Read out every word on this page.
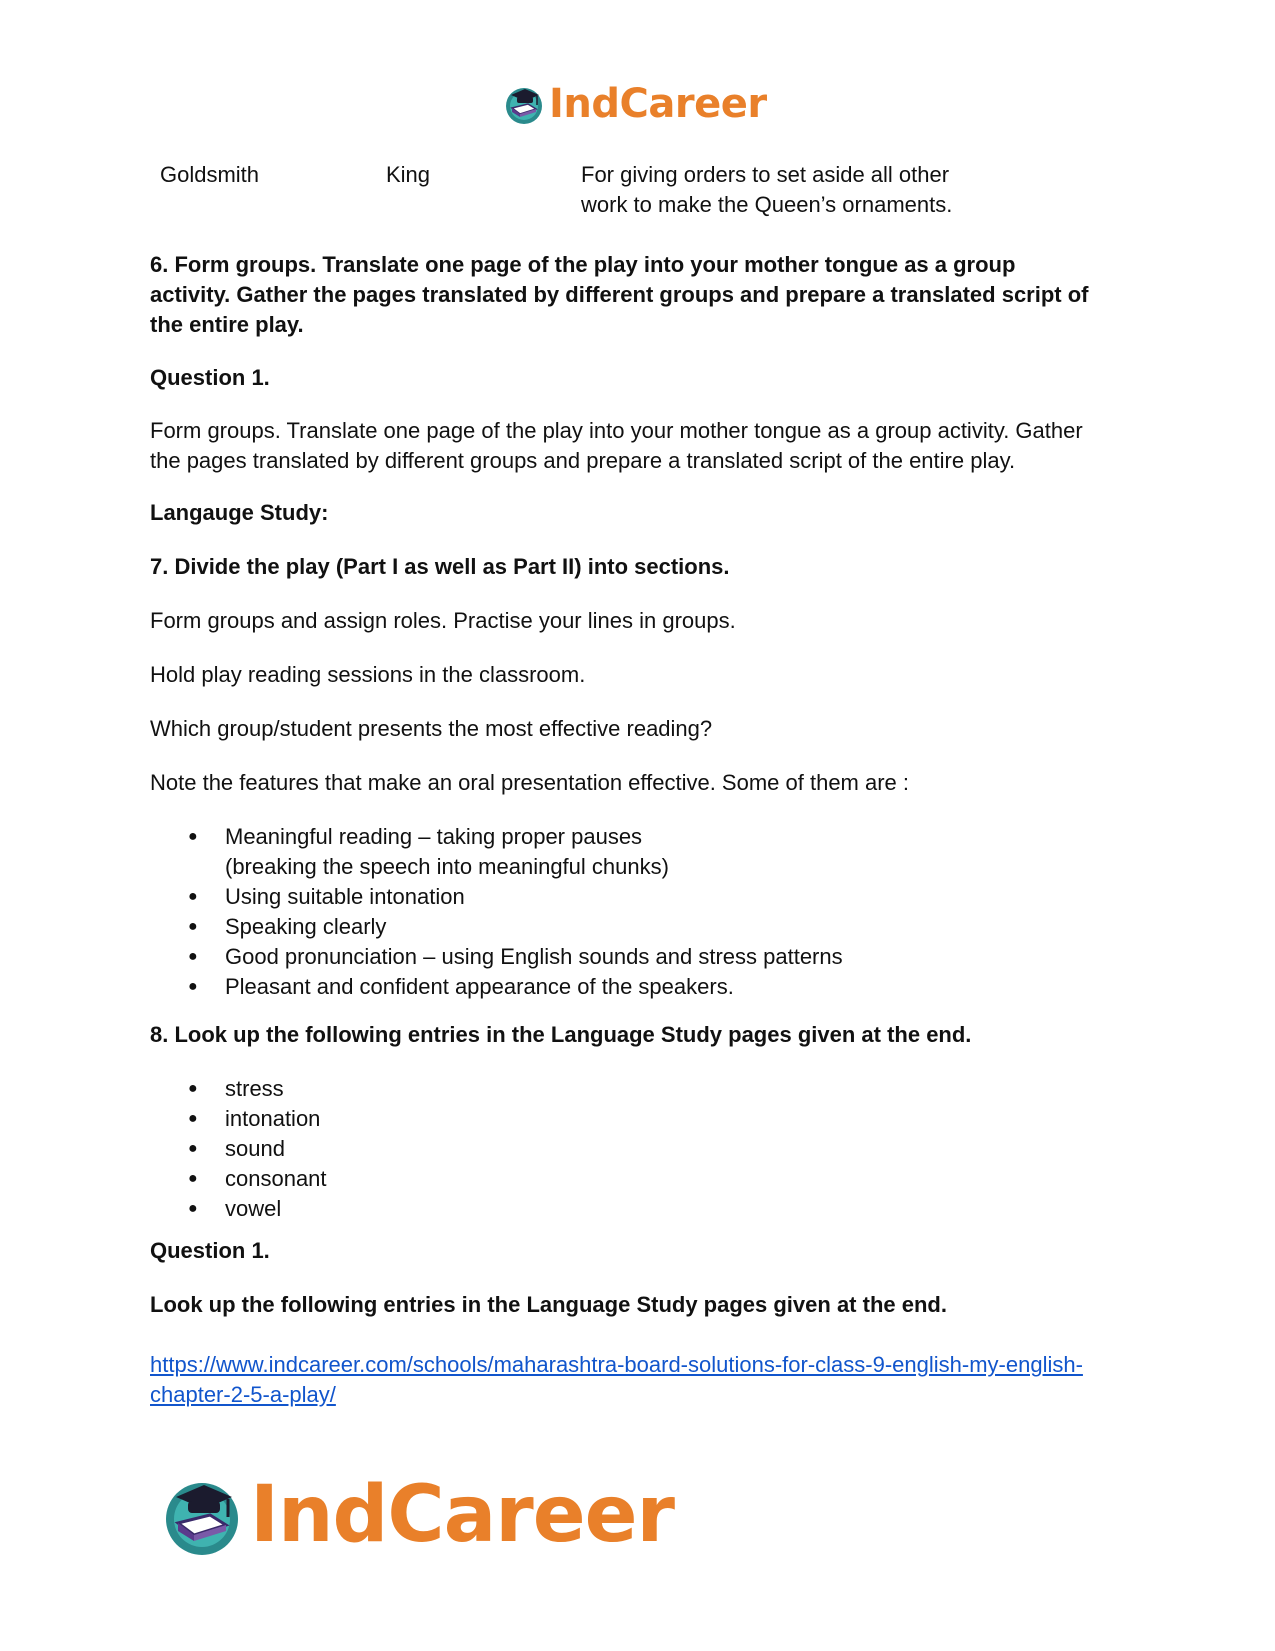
IndCareer
Goldsmith	King	For giving orders to set aside all other work to make the Queen’s ornaments.
6. Form groups. Translate one page of the play into your mother tongue as a group activity. Gather the pages translated by different groups and prepare a translated script of the entire play.
Question 1.
Form groups. Translate one page of the play into your mother tongue as a group activity. Gather the pages translated by different groups and prepare a translated script of the entire play.
Langauge Study:
7. Divide the play (Part I as well as Part II) into sections.
Form groups and assign roles. Practise your lines in groups.
Hold play reading sessions in the classroom.
Which group/student presents the most effective reading?
Note the features that make an oral presentation effective. Some of them are :
● Meaningful reading – taking proper pauses
(breaking the speech into meaningful chunks)
● Using suitable intonation
● Speaking clearly
● Good pronunciation – using English sounds and stress patterns
● Pleasant and confident appearance of the speakers.
8. Look up the following entries in the Language Study pages given at the end.
● stress
● intonation
● sound
● consonant
● vowel
Question 1.
Look up the following entries in the Language Study pages given at the end.
https://www.indcareer.com/schools/maharashtra-board-solutions-for-class-9-english-my-english-
chapter-2-5-a-play/
IndCareer
